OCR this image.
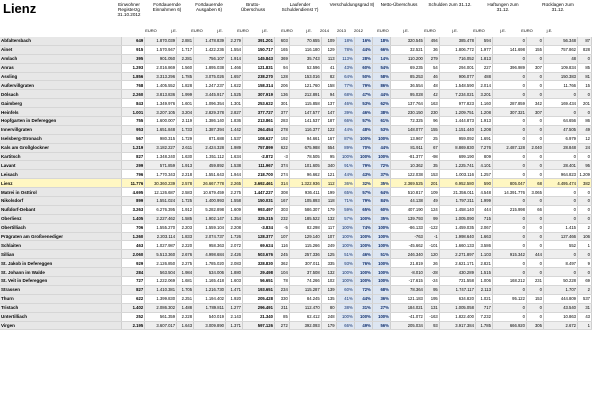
Lienz	Einwohner Registerzg 31.10.2012
Fortdauernde Einnahmen 6)
Fortdauernde Ausgaben 6)
Brutto-Überschuss
Laufender Schuldendienst 7)
Verschuldungsgrad 8)	Netto-Überschuss	Schulden zum 31.12.	Haftungen zum 31.12.
Rücklagen zum 31.12.
EURO	j.E.	EURO	j.E.	EURO	j.E.	EURO	j.E.	2014	2013	2012	EURO	j.E.	EURO	j.E.	EURO	j.E.	EURO	j.E.
Abfaltersbach	649	1.870.039	2.881	1.478.839	2.279	391.201	603	70.655	109	18%	16%	18%	320.545	494	385.478	594	0	0	56.348	87
Ainet	915	1.570.947	1.717	1.422.236	1.554	150.717	165	116.180	129	78%	44%	66%	32.521	36	1.806.772	1.977	141.698	155	757.862	828
Amlach	395	901.050	2.281	756.107	1.914	145.843	369	35.743	113	113%	28%	14%	110.200	279	716.052	1.813	0	0	48	0
Anras	1.293	2.016.869	1.560	1.895.038	1.466	121.831	94	52.596	41	43%	60%	54%	69.235	54	294.001	227	396.989	307	109.834	85
Assling	1.856	3.313.296	1.785	3.075.026	1.657	238.270	128	153.016	82	64%	50%	58%	85.253	46	906.077	488	0	0	150.383	81
Außervillgraten	768	1.405.552	1.828	1.247.237	1.622	158.314	206	121.760	158	77%	79%	86%	36.554	48	1.548.590	2.014	0	0	11.766	15
Dölsach	2.260	3.813.836	1.999	3.445.917	1.525	307.919	136	212.891	94	68%	47%	44%	95.028	42	7.234.021	3.201	0	0	0	0
Gaimberg	843	1.349.976	1.601	1.096.354	1.301	253.622	301	115.858	137	46%	53%	62%	137.764	163	977.823	1.160	287.859	342	169.434	201
Heinfels	1.001	3.207.105	3.204	2.829.378	2.827	377.727	377	147.577	147	39%	46%	38%	230.150	230	1.209.751	1.208	307.321	307	0	0
Hopfgarten in Defereggen	755	1.600.007	2.119	1.386.140	1.836	213.861	283	141.537	187	66%	57%	61%	72.325	96	1.444.873	1.913	0	0	64.656	86
Innervillgraten	953	1.651.848	1.733	1.387.394	1.442	264.454	278	116.377	122	44%	48%	53%	148.077	155	1.151.440	1.208	0	0	47.505	49
Iselsberg-Stronach	567	980.315	1.729	871.688	1.537	108.627	192	94.661	167	87%	100%	100%	13.967	25	959.092	1.691	0	0	6.979	12
Kals am Großglockner	1.219	3.182.227	2.611	2.424.328	1.989	757.899	622	675.988	554	89%	70%	44%	81.911	67	8.869.830	7.276	2.487.128	2.040	28.848	24
Kartitsch	827	1.348.240	1.630	1.351.112	1.634	-2.872	-3	78.505	95	100%	100%	100%	-81.377	-98	699.190	809	0	0	0	0
Lavant	299	571.859	1.913	459.892	1.538	111.967	374	101.605	340	91%	79%	72%	10.362	35	1.225.741	4.101	0	0	28.401	95
Leisach	796	1.770.343	2.218	1.551.643	1.944	218.700	274	96.662	121	44%	43%	37%	122.038	153	1.003.116	1.257	0	0	964.823	1.209
Lienz	11.776	30.360.239	2.578	26.667.778	2.265	3.692.461	314	1.322.936	112	36%	32%	35%	2.369.525	201	6.952.580	590	805.047	68	4.495.474	382
Matrei in Osttirol	4.695	12.126.687	2.583	10.679.459	2.275	1.447.227	308	936.411	199	65%	57%	64%	510.817	109	21.356.011	4.548	14.391.776	3.065	0	0
Nikolsdorf	899	1.551.024	1.725	1.400.993	1.558	150.031	167	105.893	118	71%	79%	84%	44.138	49	1.797.211	1.999	0	0	0	0
Nußdorf-Debant	3.263	6.276.395	1.912	5.282.898	1.609	993.497	303	586.307	179	59%	65%	60%	407.190	124	1.458.140	444	215.998	66	0	0
Oberlienz	1.405	2.227.462	1.585	1.902.147	1.354	325.315	232	185.522	132	57%	100%	35%	139.793	99	1.005.090	715	0	0	0	0
Obertilliach	706	1.555.270	2.203	1.559.104	2.208	-3.834	-5	82.298	117	100%	74%	100%	-86.133	-122	1.459.035	2.067	0	0	1.415	2
Prägraten am Großvenediger	1.260	2.203.114	1.833	2.074.737	1.726	128.377	107	129.140	107	100%	100%	100%	-763	-1	1.998.640	1.663	0	0	127.466	106
Schlaiten	463	1.027.987	2.220	958.363	2.072	69.624	116	115.266	249	100%	100%	100%	-45.662	-101	1.660.133	3.586	0	0	552	1
Sillian	2.060	5.513.360	2.676	4.998.684	2.426	503.676	245	257.336	125	51%	46%	51%	246.340	120	2.271.897	1.103	915.342	444	0	0
St. Jakob in Defereggen	929	2.126.850	2.275	1.785.020	2.083	328.830	362	307.011	335	93%	76%	100%	21.819	26	2.621.171	2.821	0	0	8.497	9
St. Johann im Walde	284	563.504	1.984	534.006	1.880	29.498	104	37.508	132	100%	100%	100%	-8.010	-28	430.289	1.515	0	0	0	0
St. Veit in Defereggen	727	1.222.069	1.681	1.165.418	1.603	56.651	78	74.266	102	100%	100%	100%	-17.615	-24	721.558	1.006	168.212	231	50.228	69
Strassen	827	1.410.381	1.705	1.216.730	1.471	193.651	234	115.287	139	60%	72%	68%	78.364	95	1.747.117	2.113	0	0	1.707	2
Thurn	622	1.399.830	2.251	1.194.402	1.920	205.428	330	84.245	135	41%	44%	36%	121.183	195	634.820	1.021	95.122	153	444.809	537
Tristach	1.402	2.086.302	1.488	1.789.811	1.277	296.491	211	112.470	80	38%	31%	27%	184.021	131	1.005.058	717	0	0	43.540	31
Untertilliach	252	561.359	2.228	540.019	2.143	21.340	85	62.412	248	100%	100%	100%	-41.072	-163	1.822.400	7.232	0	0	10.863	43
Virgen	2.195	3.607.017	1.643	3.009.890	1.371	597.126	272	392.093	179	66%	49%	56%	205.034	93	3.917.384	1.785	666.920	305	2.672	1
